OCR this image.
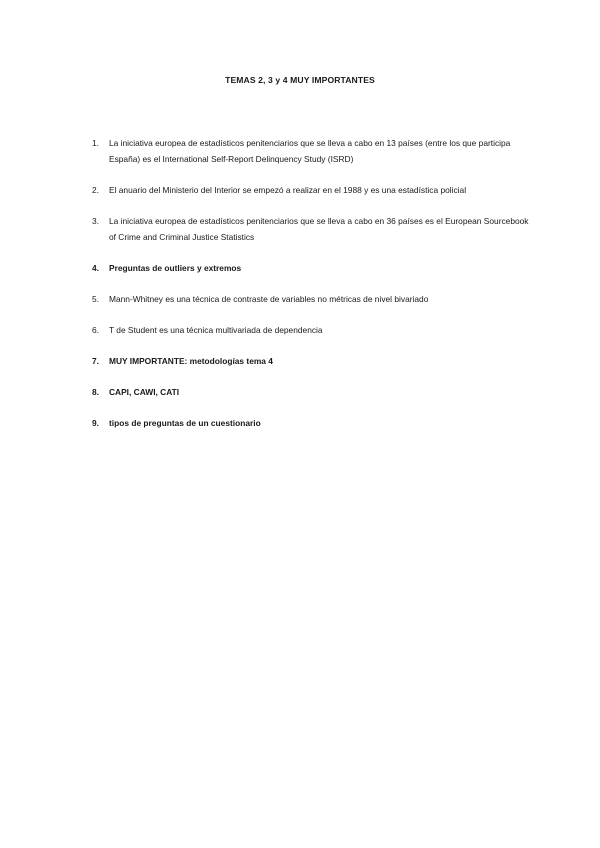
TEMAS 2, 3 y 4 MUY IMPORTANTES
1.	La iniciativa europea de estadísticos penitenciarios que se lleva a cabo en 13 países (entre los que participa España) es el International Self-Report Delinquency Study (ISRD)
2.	El anuario del Ministerio del Interior se empezó a realizar en el 1988 y es una estadística policial
3.	La iniciativa europea de estadísticos penitenciarios que se lleva a cabo en 36 países es el European Sourcebook of Crime and Criminal Justice Statistics
4.	Preguntas de outliers y extremos
5.	Mann-Whitney es una técnica de contraste de variables no métricas de nivel bivariado
6.	T de Student es una técnica multivariada de dependencia
7.	MUY IMPORTANTE: metodologías tema 4
8.	CAPI, CAWI, CATI
9.	tipos de preguntas de un cuestionario
